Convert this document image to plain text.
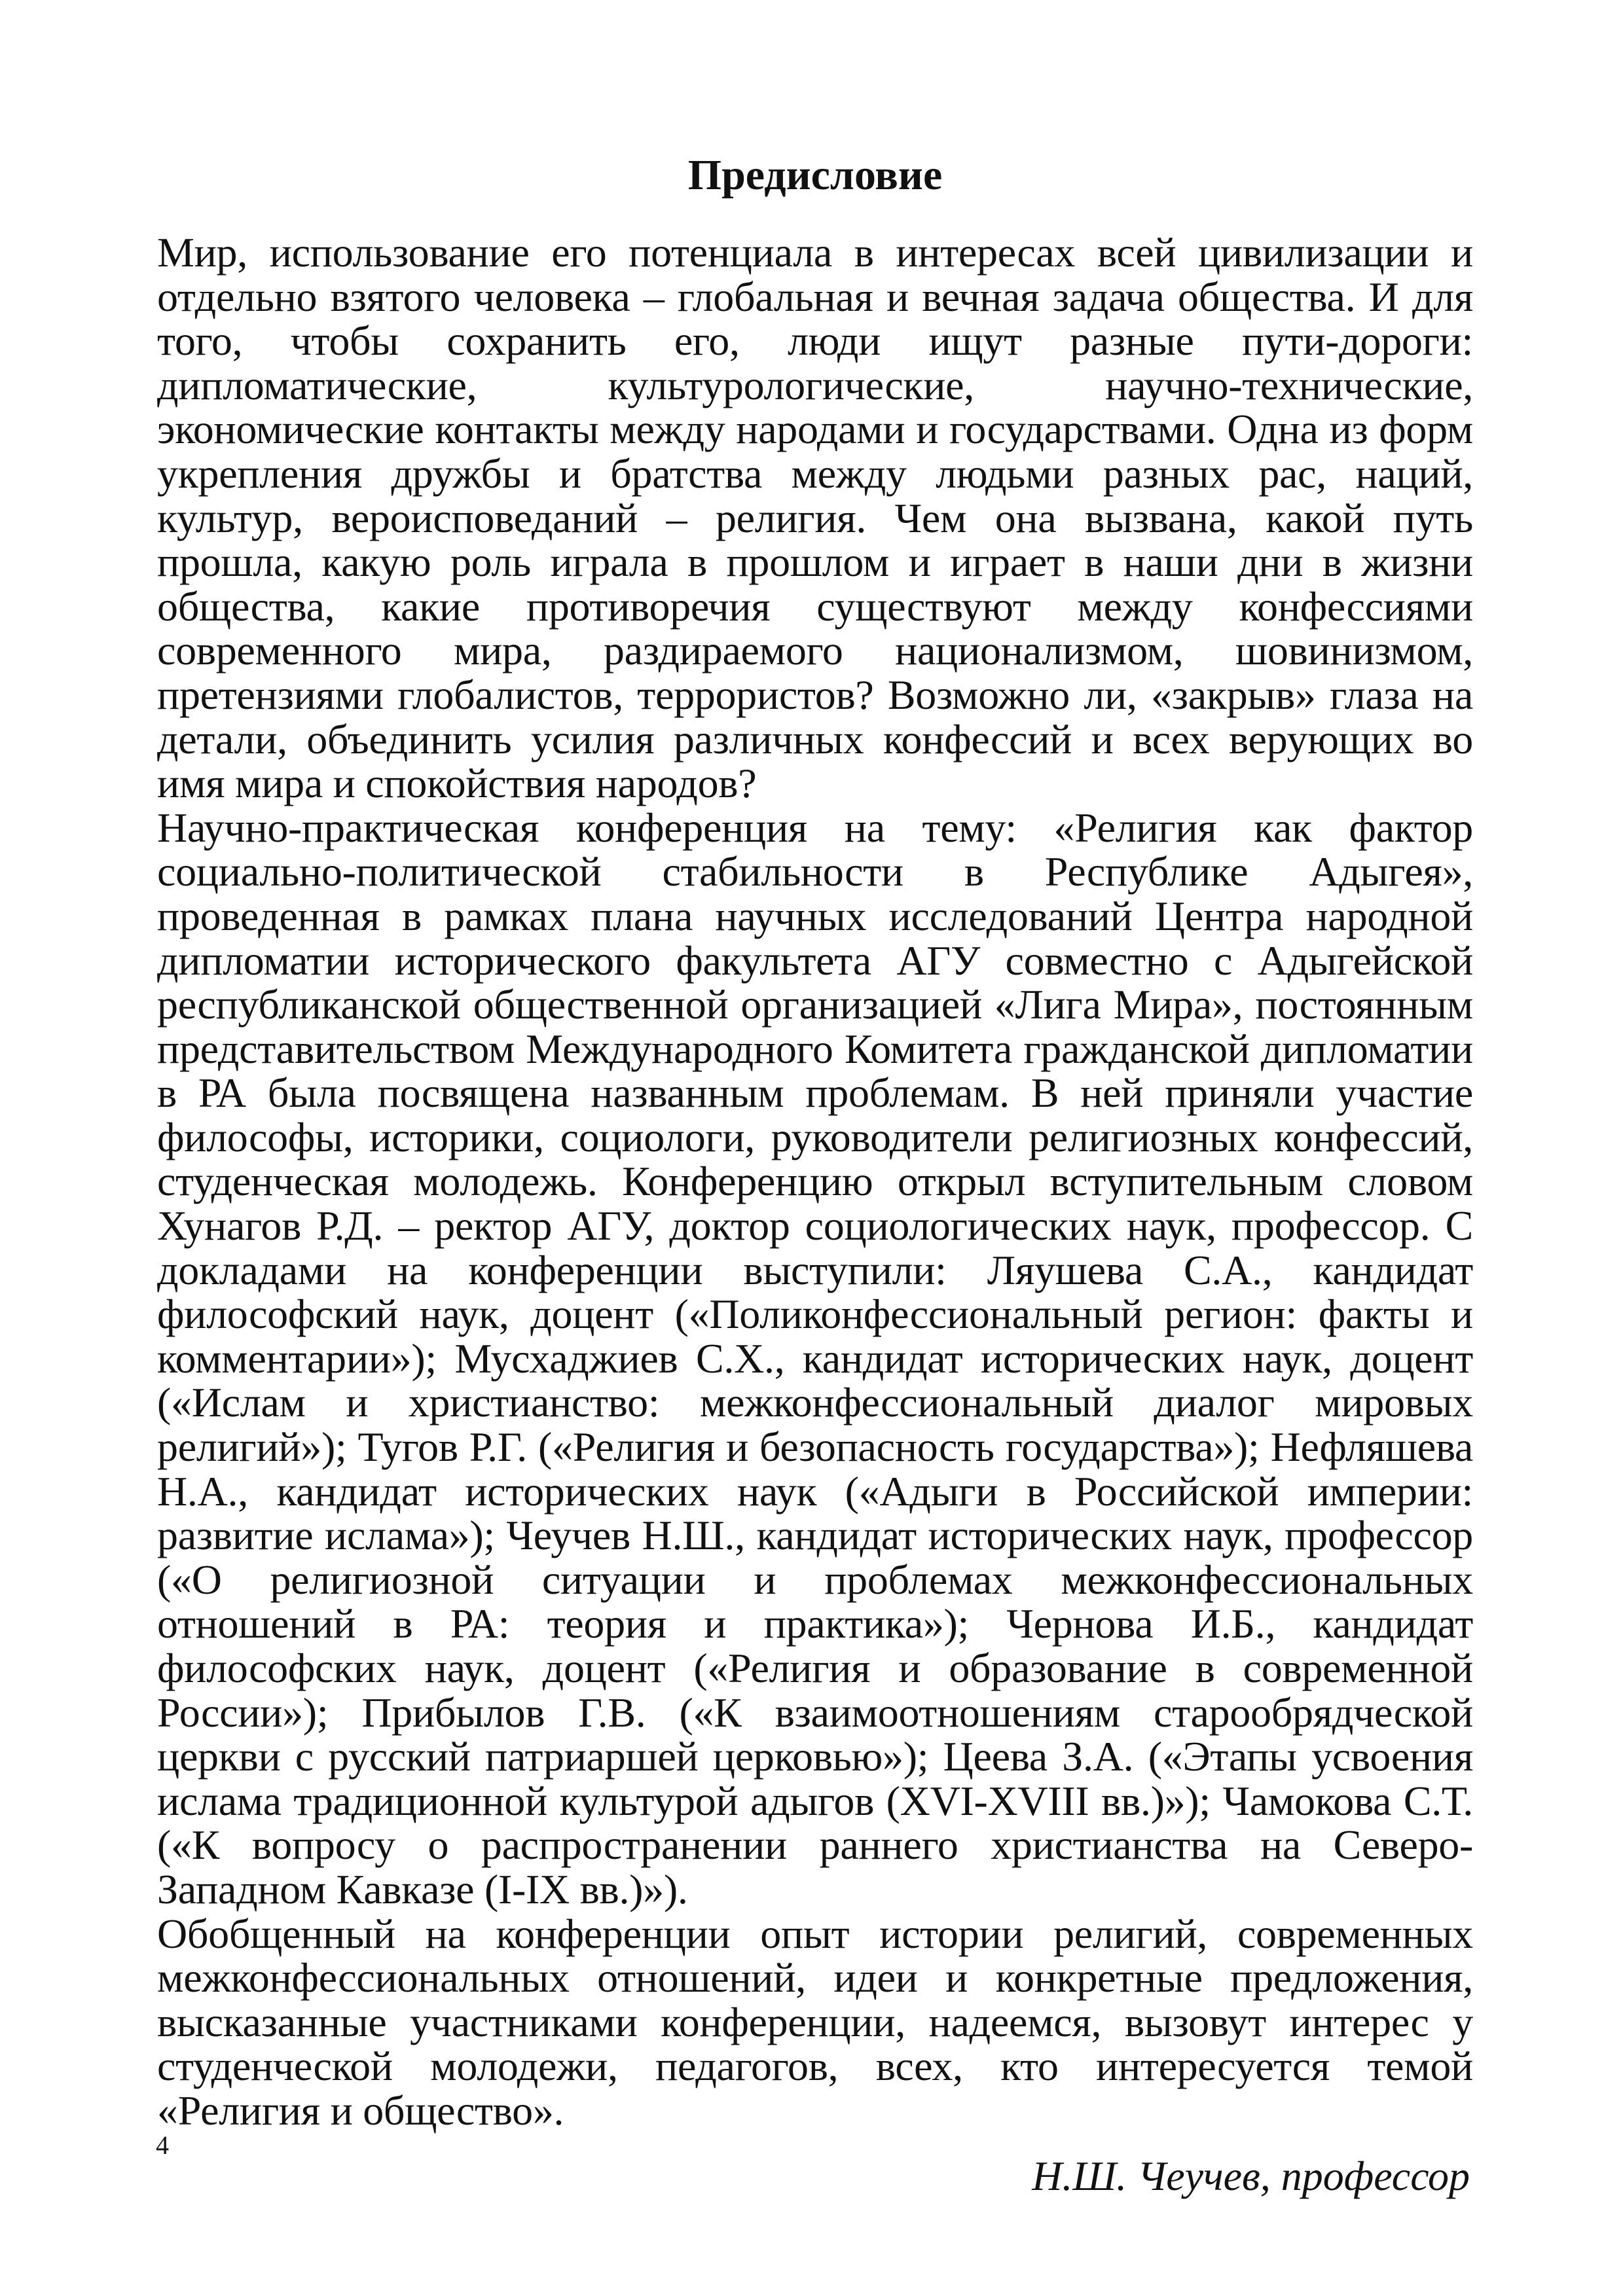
Предисловие

Мир, использование его потенциала в интересах всей цивилизации и отдельно взятого человека – глобальная и вечная задача общества. И для того, чтобы сохранить его, люди ищут разные пути-дороги: дипломатические, культурологические, научно-технические, экономические контакты между народами и государствами. Одна из форм укрепления дружбы и братства между людьми разных рас, наций, культур, вероисповеданий – религия. Чем она вызвана, какой путь прошла, какую роль играла в прошлом и играет в наши дни в жизни общества, какие противоречия существуют между конфессиями современного мира, раздираемого национализмом, шовинизмом, претензиями глобалистов, террористов? Возможно ли, «закрыв» глаза на детали, объединить усилия различных конфессий и всех верующих во имя мира и спокойствия народов?

Научно-практическая конференция на тему: «Религия как фактор социально-политической стабильности в Республике Адыгея», проведенная в рамках плана научных исследований Центра народной дипломатии исторического факультета АГУ совместно с Адыгейской республиканской общественной организацией «Лига Мира», постоянным представительством Международного Комитета гражданской дипломатии в РА была посвящена названным проблемам. В ней приняли участие философы, историки, социологи, руководители религиозных конфессий, студенческая молодежь. Конференцию открыл вступительным словом Хунагов Р.Д. – ректор АГУ, доктор социологических наук, профессор. С докладами на конференции выступили: Ляушева С.А., кандидат философский наук, доцент («Поликонфессиональный регион: факты и комментарии»); Мусхаджиев С.Х., кандидат исторических наук, доцент («Ислам и христианство: межконфессиональный диалог мировых религий»); Тугов Р.Г. («Религия и безопасность государства»); Нефляшева Н.А., кандидат исторических наук («Адыги в Российской империи: развитие ислама»); Чеучев Н.Ш., кандидат исторических наук, профессор («О религиозной ситуации и проблемах межконфессиональных отношений в РА: теория и практика»); Чернова И.Б., кандидат философских наук, доцент («Религия и образование в современной России»); Прибылов Г.В. («К взаимоотношениям старообрядческой церкви с русский патриаршей церковью»); Цеева З.А. («Этапы усвоения ислама традиционной культурой адыгов (XVI-XVIII вв.)»); Чамокова С.Т. («К вопросу о распространении раннего христианства на Северо-Западном Кавказе (I-IX вв.)»).

Обобщенный на конференции опыт истории религий, современных межконфессиональных отношений, идеи и конкретные предложения, высказанные участниками конференции, надеемся, вызовут интерес у студенческой молодежи, педагогов, всех, кто интересуется темой «Религия и общество».

Н.Ш. Чеучев, профессор

4
